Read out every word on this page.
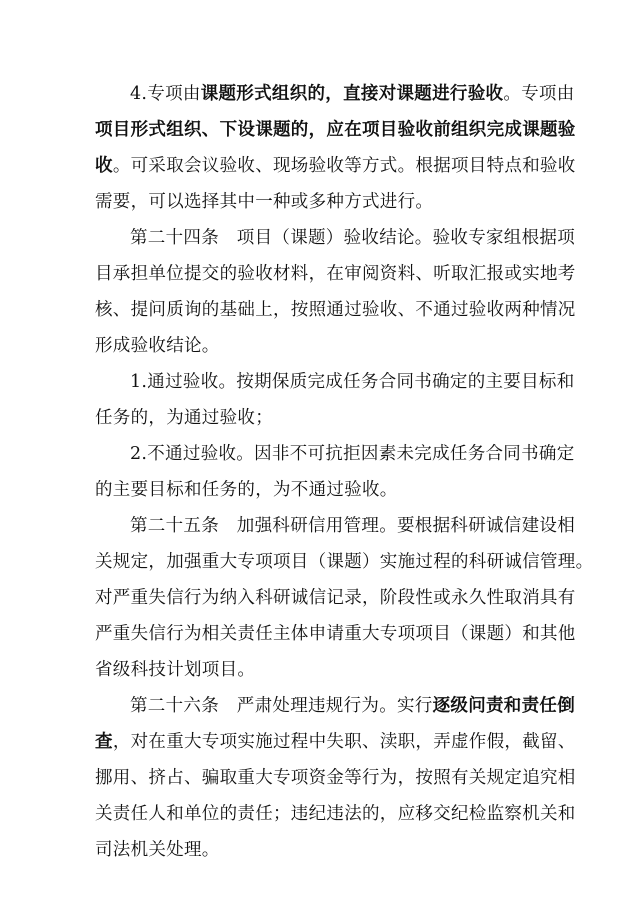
4.专项由课题形式组织的，直接对课题进行验收。专项由
项目形式组织、下设课题的，应在项目验收前组织完成课题验
收。可采取会议验收、现场验收等方式。根据项目特点和验收
需要，可以选择其中一种或多种方式进行。
第二十四条　项目（课题）验收结论。验收专家组根据项
目承担单位提交的验收材料，在审阅资料、听取汇报或实地考
核、提问质询的基础上，按照通过验收、不通过验收两种情况
形成验收结论。
1.通过验收。按期保质完成任务合同书确定的主要目标和
任务的，为通过验收；
2.不通过验收。因非不可抗拒因素未完成任务合同书确定
的主要目标和任务的，为不通过验收。
第二十五条　加强科研信用管理。要根据科研诚信建设相
关规定，加强重大专项项目（课题）实施过程的科研诚信管理。
对严重失信行为纳入科研诚信记录，阶段性或永久性取消具有
严重失信行为相关责任主体申请重大专项项目（课题）和其他
省级科技计划项目。
第二十六条　严肃处理违规行为。实行逐级问责和责任倒
查，对在重大专项实施过程中失职、渎职，弄虚作假，截留、
挪用、挤占、骗取重大专项资金等行为，按照有关规定追究相
关责任人和单位的责任；违纪违法的，应移交纪检监察机关和
司法机关处理。
